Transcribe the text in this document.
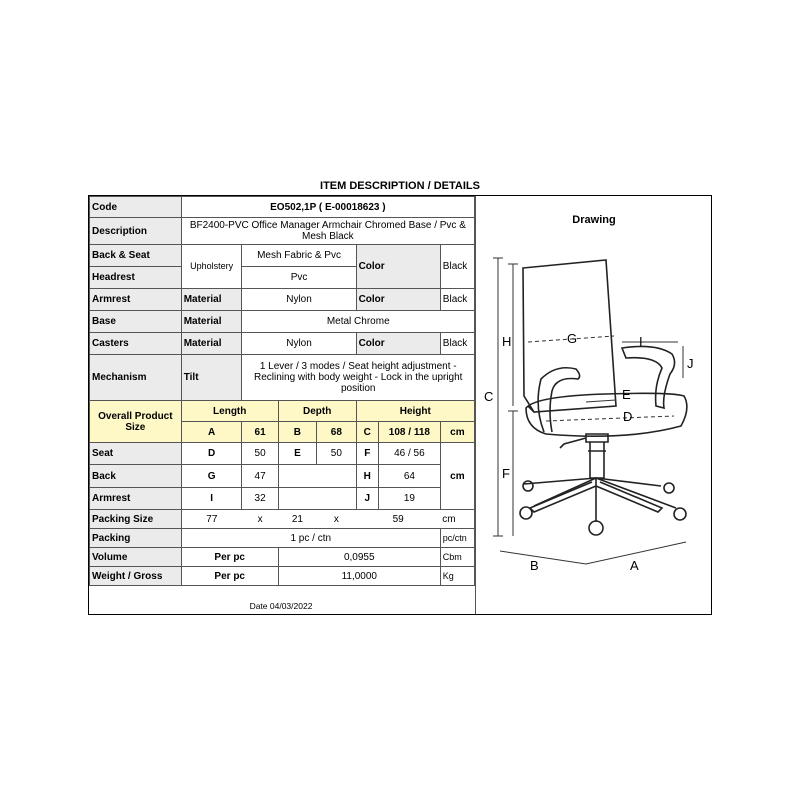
ITEM DESCRIPTION / DETAILS
Code	EO502,1P ( E-00018623 )						
Description	BF2400-PVC Office Manager Armchair Chromed Base / Pvc & Mesh Black						
Back & Seat	Upholstery	Mesh Fabric & Pvc			Color		Black
Headrest		Pvc					
Armrest	Material	Nylon			Color		Black
Base	Material	Metal Chrome					
Casters	Material	Nylon			Color		Black
Mechanism	Tilt	1 Lever / 3 modes / Seat height adjustment - Reclining with body weight - Lock in the upright position					
Overall Product Size	Length		Depth		Height		
	A	61	B	68	C	108 / 118	cm
Seat	D	50	E	50	F	46 / 56	cm
Back	G	47			H	64	
Armrest	I	32			J	19	
Packing Size	77	x	21	x	59		cm
Packing	1 pc / ctn						pc/ctn
Volume	Per pc		0,0955				Cbm
Weight / Gross	Per pc		11,0000				Kg
Drawing
C
H
F
G	I
J
E
D
B	A
Date 04/03/2022
